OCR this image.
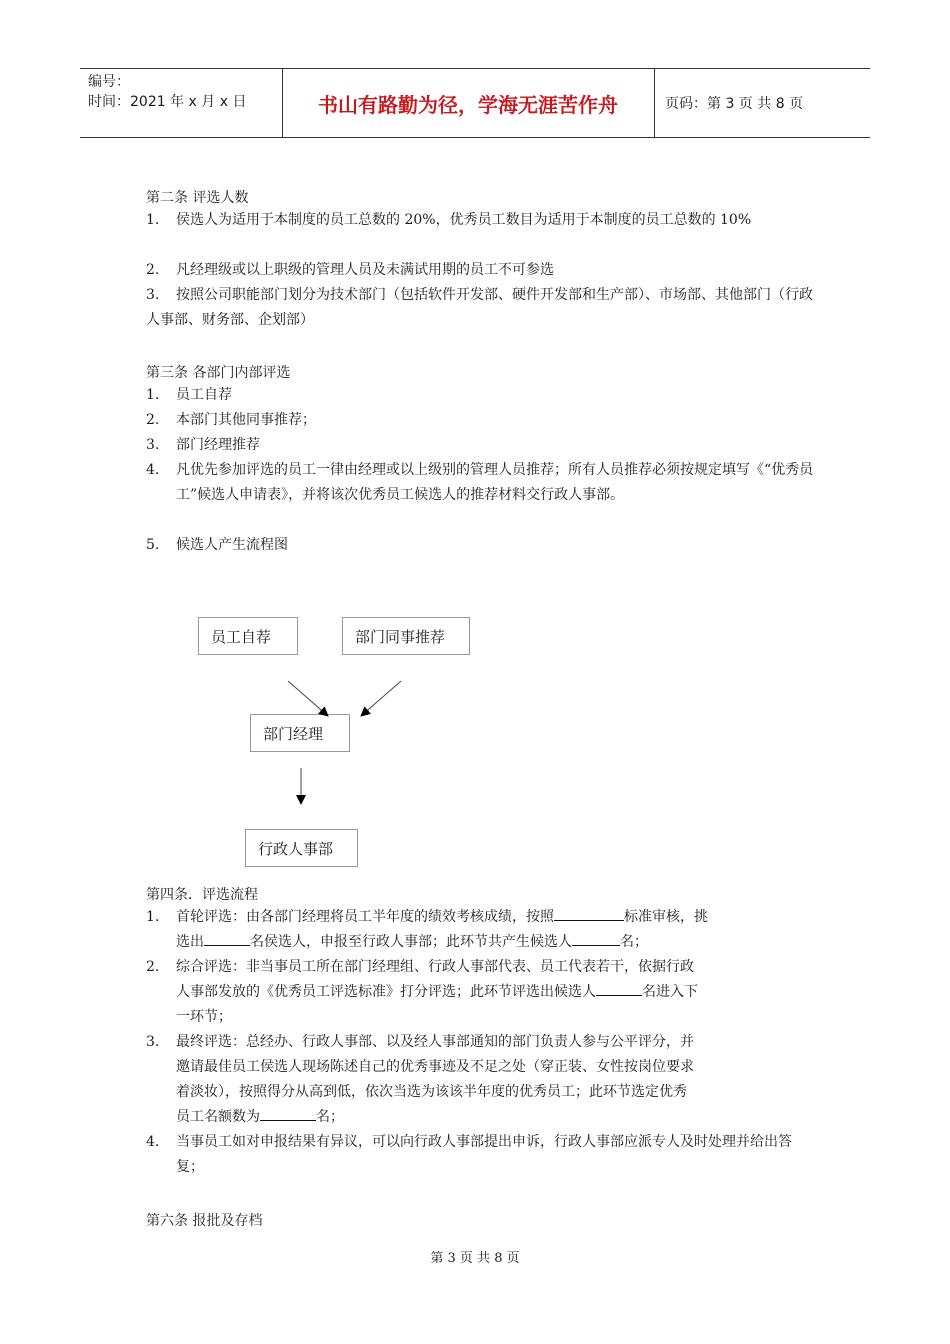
编号：
时间：2021 年 x 月 x 日	书山有路勤为径，学海无涯苦作舟	页码：第 3 页 共 8 页
第二条 评选人数
1.	侯选人为适用于本制度的员工总数的 20%，优秀员工数目为适用于本制度的员工总数的 10%
2.	凡经理级或以上职级的管理人员及未满试用期的员工不可参选
3. 按照公司职能部门划分为技术部门（包括软件开发部、硬件开发部和生产部）、市场部、其他部门（行政人事部、财务部、企划部）
第三条 各部门内部评选
1.	员工自荐
2.	本部门其他同事推荐；
3.	部门经理推荐
4.	凡优先参加评选的员工一律由经理或以上级别的管理人员推荐；所有人员推荐必须按规定填写《“优秀员工”候选人申请表》，并将该次优秀员工候选人的推荐材料交行政人事部。
5.	候选人产生流程图
员工自荐	部门同事推荐
部门经理
行政人事部
第四条．评选流程
1.	首轮评选：由各部门经理将员工半年度的绩效考核成绩，按照	标准审核，挑
选出	名侯选人，申报至行政人事部；此环节共产生候选人	名；
2.	综合评选：非当事员工所在部门经理组、行政人事部代表、员工代表若干，依据行政
人事部发放的《优秀员工评选标准》打分评选；此环节评选出候选人	名进入下
一环节；
3.	最终评选：总经办、行政人事部、以及经人事部通知的部门负责人参与公平评分，并
邀请最佳员工侯选人现场陈述自己的优秀事迹及不足之处（穿正装、女性按岗位要求
着淡妆），按照得分从高到低，依次当选为该该半年度的优秀员工；此环节选定优秀
员工名额数为	名；
4.	当事员工如对申报结果有异议，可以向行政人事部提出申诉，行政人事部应派专人及时处理并给出答复；
第六条 报批及存档
第 3 页 共 8 页
